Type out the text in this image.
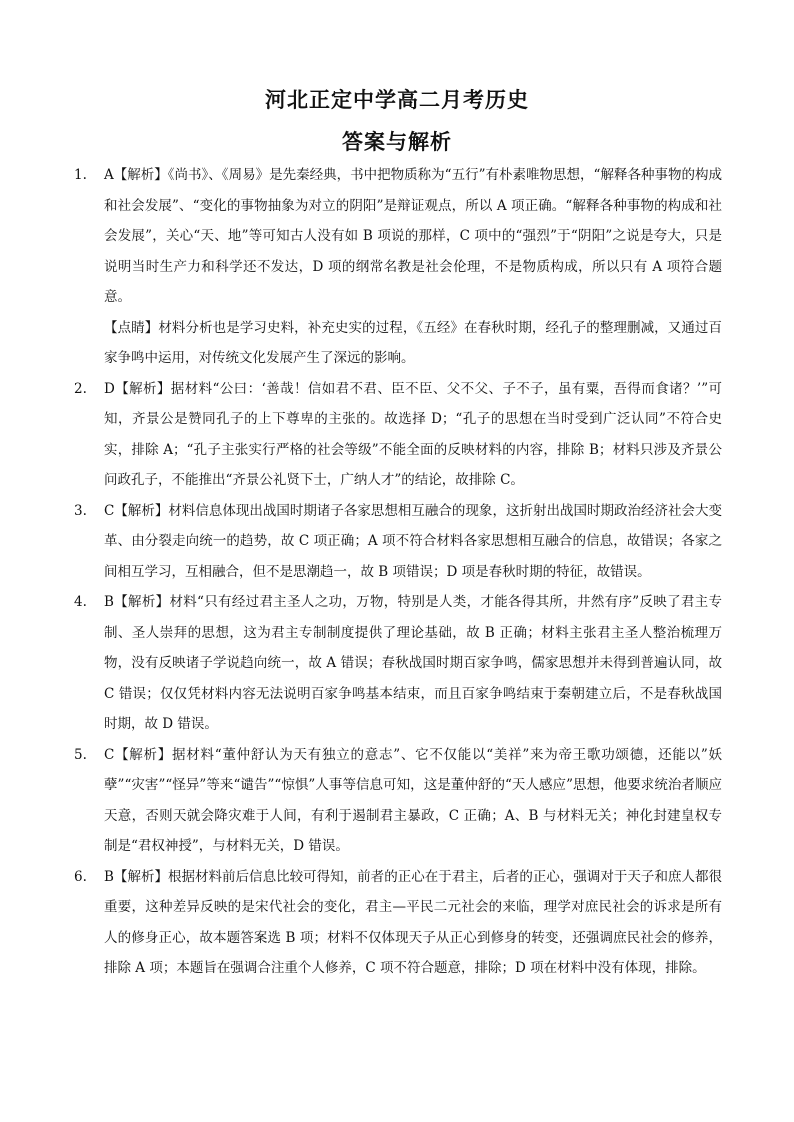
河北正定中学高二月考历史
答案与解析
1.	A【解析】《尚书》、《周易》是先秦经典，书中把物质称为“五行”有朴素唯物思想，“解释各种事物的构成和社会发展”、“变化的事物抽象为对立的阴阳”是辩证观点，所以 A 项正确。“解释各种事物的构成和社会发展”，关心“天、地”等可知古人没有如 B 项说的那样，C 项中的“强烈”于“阴阳”之说是夸大，只是说明当时生产力和科学还不发达，D 项的纲常名教是社会伦理，不是物质构成，所以只有 A 项符合题意。

【点睛】材料分析也是学习史料，补充史实的过程，《五经》在春秋时期，经孔子的整理删减，又通过百家争鸣中运用，对传统文化发展产生了深远的影响。

2.	D【解析】据材料“公曰：‘善哉！信如君不君、臣不臣、父不父、子不子，虽有粟，吾得而食诸？’”可知，齐景公是赞同孔子的上下尊卑的主张的。故选择 D；“孔子的思想在当时受到广泛认同”不符合史实，排除 A；“孔子主张实行严格的社会等级”不能全面的反映材料的内容，排除 B；材料只涉及齐景公问政孔子，不能推出“齐景公礼贤下士，广纳人才”的结论，故排除 C。

3.	C【解析】材料信息体现出战国时期诸子各家思想相互融合的现象，这折射出战国时期政治经济社会大变革、由分裂走向统一的趋势，故 C 项正确；A 项不符合材料各家思想相互融合的信息，故错误；各家之间相互学习，互相融合，但不是思潮趋一，故 B 项错误；D 项是春秋时期的特征，故错误。

4.	B【解析】材料“只有经过君主圣人之功，万物，特别是人类，才能各得其所，井然有序”反映了君主专制、圣人崇拜的思想，这为君主专制制度提供了理论基础，故 B 正确；材料主张君主圣人整治梳理万物，没有反映诸子学说趋向统一，故 A 错误；春秋战国时期百家争鸣，儒家思想并未得到普遍认同，故 C 错误；仅仅凭材料内容无法说明百家争鸣基本结束，而且百家争鸣结束于秦朝建立后，不是春秋战国时期，故 D 错误。

5.	C【解析】据材料“董仲舒认为天有独立的意志”、它不仅能以“美祥”来为帝王歌功颂德，还能以”妖孽”“灾害”“怪异”等来“谴告”“惊惧”人事等信息可知，这是董仲舒的“天人感应”思想，他要求统治者顺应天意，否则天就会降灾难于人间，有利于遏制君主暴政，C 正确；A、B 与材料无关；神化封建皇权专制是“君权神授”，与材料无关，D 错误。

6.	B【解析】根据材料前后信息比较可得知，前者的正心在于君主，后者的正心，强调对于天子和庶人都很重要，这种差异反映的是宋代社会的变化，君主—平民二元社会的来临，理学对庶民社会的诉求是所有人的修身正心，故本题答案选 B 项；材料不仅体现天子从正心到修身的转变，还强调庶民社会的修养，排除 A 项；本题旨在强调合注重个人修养，C 项不符合题意，排除；D 项在材料中没有体现，排除。
